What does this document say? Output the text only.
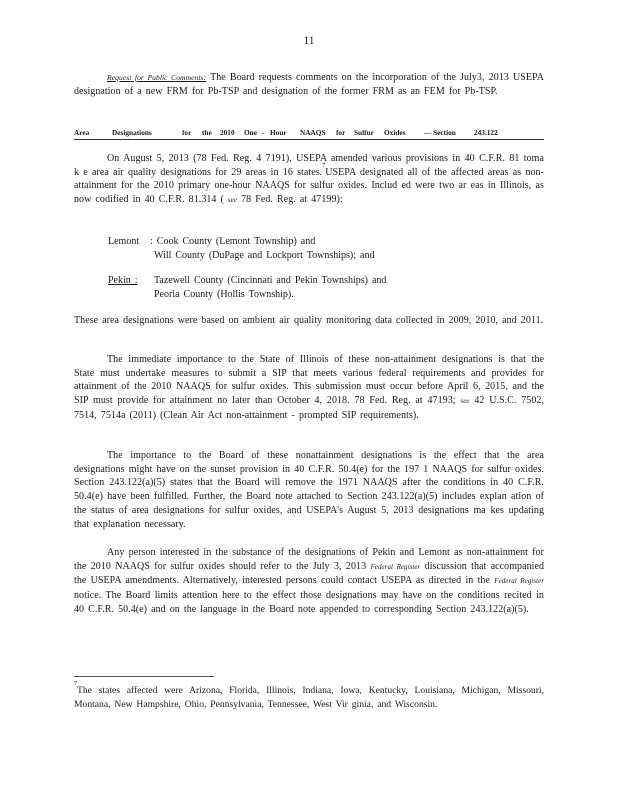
11
Request for Public Comments: The Board requests comments on the incorporation of the July3, 2013 USEPA designation of a new FRM for Pb-TSP and designation of the former FRM as an FEM for Pb-TSP.
Area	Designations	for the 2010 One - Hour NAAQS for Sulfur Oxides	— Section 243.122
On August 5, 2013 (78 Fed. Reg. 4 7191), USEPA amended various provisions in 40 C.F.R. 81 toma k e area air quality designations for 29 areas in 16 states.$^7$USEPA designated all of the affected areas as non-attainment for the 2010 primary one-hour NAAQS for sulfur oxides. Includ ed were two ar eas in Illinois, as now codified in 40 C.F.R. 81.314 ( see 78 Fed. Reg. at 47199):
Lemont : Cook County (Lemont Township) and
Will County (DuPage and Lockport Townships); and
Pekin : Tazewell County (Cincinnati and Pekin Townships) and
Peoria County (Hollis Township).
These area designations were based on ambient air quality monitoring data collected in 2009, 2010, and 2011.
The immediate importance to the State of Illinois of these non-attainment designations is that the State must undertake measures to submit a SIP that meets various federal requirements and provides for attainment of the 2010 NAAQS for sulfur oxides. This submission must occur before April 6, 2015, and the SIP must provide for attainment no later than October 4, 2018. 78 Fed. Reg. at 47193; see 42 U.S.C. 7502, 7514, 7514a (2011) (Clean Air Act non-attainment - prompted SIP requirements).
The importance to the Board of these nonattainment designations is the effect that the area designations might have on the sunset provision in 40 C.F.R. 50.4(e) for the 197 1 NAAQS for sulfur oxides. Section 243.122(a)(5) states that the Board will remove the 1971 NAAQS after the conditions in 40 C.F.R. 50.4(e) have been fulfilled. Further, the Board note attached to Section 243.122(a)(5) includes explan ation of the status of area designations for sulfur oxides, and USEPA's August 5, 2013 designations ma kes updating that explanation necessary.
Any person interested in the substance of the designations of Pekin and Lemont as non-attainment for the 2010 NAAQS for sulfur oxides should refer to the July 3, 2013 Federal Register discussion that accompanied the USEPA amendments. Alternatively, interested persons could contact USEPA as directed in the Federal Register notice. The Board limits attention here to the effect those designations may have on the conditions recited in 40 C.F.R. 50.4(e) and on the language in the Board note appended to corresponding Section 243.122(a)(5).
$^7$The states affected were Arizona, Florida, Illinois, Indiana, Iowa, Kentucky, Louisiana, Michigan, Missouri, Montana, New Hampshire, Ohio, Pennsylvania, Tennessee, West Vir ginia, and Wisconsin.
